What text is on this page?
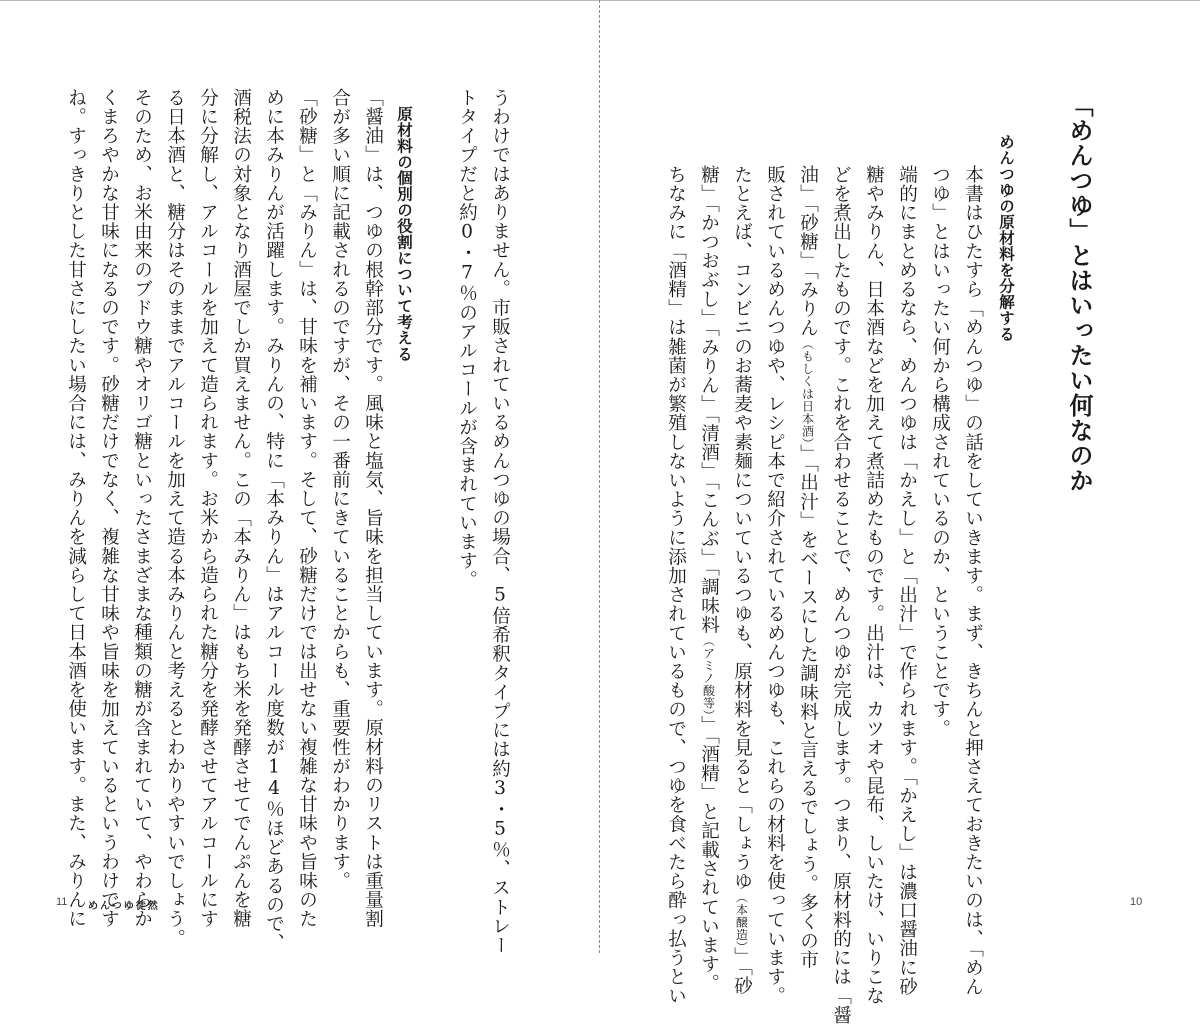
「めんつゆ」とはいったい何なのか
めんつゆの原材料を分解する
本書はひたすら「めんつゆ」の話をしていきます。まず、きちんと押さえておきたいのは、「めん
つゆ」とはいったい何から構成されているのか、ということです。
端的にまとめるなら、めんつゆは「かえし」と「出汁」で作られます。「かえし」は濃口醤油に砂
糖やみりん、日本酒などを加えて煮詰めたものです。出汁は、カツオや昆布、しいたけ、いりこな
どを煮出したものです。これを合わせることで、めんつゆが完成します。つまり、原材料的には「醤
油」「砂糖」「みりん（もしくは日本酒）」「出汁」をベースにした調味料と言えるでしょう。多くの市
販されているめんつゆや、レシピ本で紹介されているめんつゆも、これらの材料を使っています。
たとえば、コンビニのお蕎麦や素麺についているつゆも、原材料を見ると「しょうゆ（本醸造）」「砂
糖」「かつおぶし」「みりん」「清酒」「こんぶ」「調味料（アミノ酸等）」「酒精」と記載されています。
ちなみに「酒精」は雑菌が繁殖しないように添加されているもので、つゆを食べたら酔っ払うとい	10
うわけではありません。市販されているめんつゆの場合、5倍希釈タイプには約3・5％、ストレー
トタイプだと約0・7％のアルコールが含まれています。
原材料の個別の役割について考える
「醤油」は、つゆの根幹部分です。風味と塩気、旨味を担当しています。原材料のリストは重量割
合が多い順に記載されるのですが、その一番前にきていることからも、重要性がわかります。
「砂糖」と「みりん」は、甘味を補います。そして、砂糖だけでは出せない複雑な甘味や旨味のた
めに本みりんが活躍します。みりんの、特に「本みりん」はアルコール度数が14％ほどあるので、
酒税法の対象となり酒屋でしか買えません。この「本みりん」はもち米を発酵させてでんぷんを糖
分に分解し、アルコールを加えて造られます。お米から造られた糖分を発酵させてアルコールにす
る日本酒と、糖分はそのままでアルコールを加えて造る本みりんと考えるとわかりやすいでしょう。
そのため、お米由来のブドウ糖やオリゴ糖といったさまざまな種類の糖が含まれていて、やわらか
くまろやかな甘味になるのです。砂糖だけでなく、複雑な甘味や旨味を加えているというわけです
ね。すっきりとした甘さにしたい場合には、みりんを減らして日本酒を使います。また、みりんに
11 めんつゆ徒然
